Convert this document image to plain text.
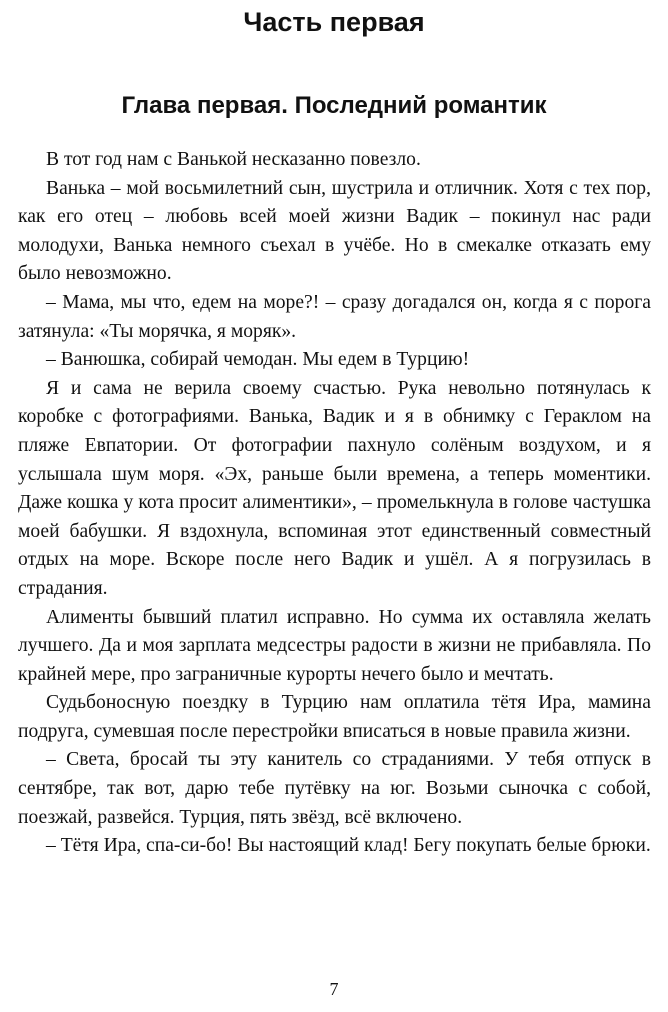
Часть первая
Глава первая. Последний романтик

В тот год нам с Ванькой несказанно повезло.

Ванька – мой восьмилетний сын, шустрила и отличник. Хотя с тех пор, как его отец – любовь всей моей жизни Вадик – покинул нас ради молодухи, Ванька немного съехал в учёбе. Но в смекалке отказать ему было невозможно.

– Мама, мы что, едем на море?! – сразу догадался он, когда я с порога затянула: «Ты морячка, я моряк».

– Ванюшка, собирай чемодан. Мы едем в Турцию!

Я и сама не верила своему счастью. Рука невольно потянулась к коробке с фотографиями. Ванька, Вадик и я в обнимку с Гераклом на пляже Евпатории. От фотографии пахнуло солёным воздухом, и я услышала шум моря. «Эх, раньше были времена, а теперь моментики. Даже кошка у кота просит алиментики», – промелькнула в голове частушка моей бабушки. Я вздохнула, вспоминая этот единственный совместный отдых на море. Вскоре после него Вадик и ушёл. А я погрузилась в страдания.

Алименты бывший платил исправно. Но сумма их оставляла желать лучшего. Да и моя зарплата медсестры радости в жизни не прибавляла. По крайней мере, про заграничные курорты нечего было и мечтать.

Судьбоносную поездку в Турцию нам оплатила тётя Ира, мамина подруга, сумевшая после перестройки вписаться в новые правила жизни.

– Света, бросай ты эту канитель со страданиями. У тебя отпуск в сентябре, так вот, дарю тебе путёвку на юг. Возьми сыночка с собой, поезжай, развейся. Турция, пять звёзд, всё включено.

– Тётя Ира, спа-си-бо! Вы настоящий клад! Бегу покупать белые брюки.

7
